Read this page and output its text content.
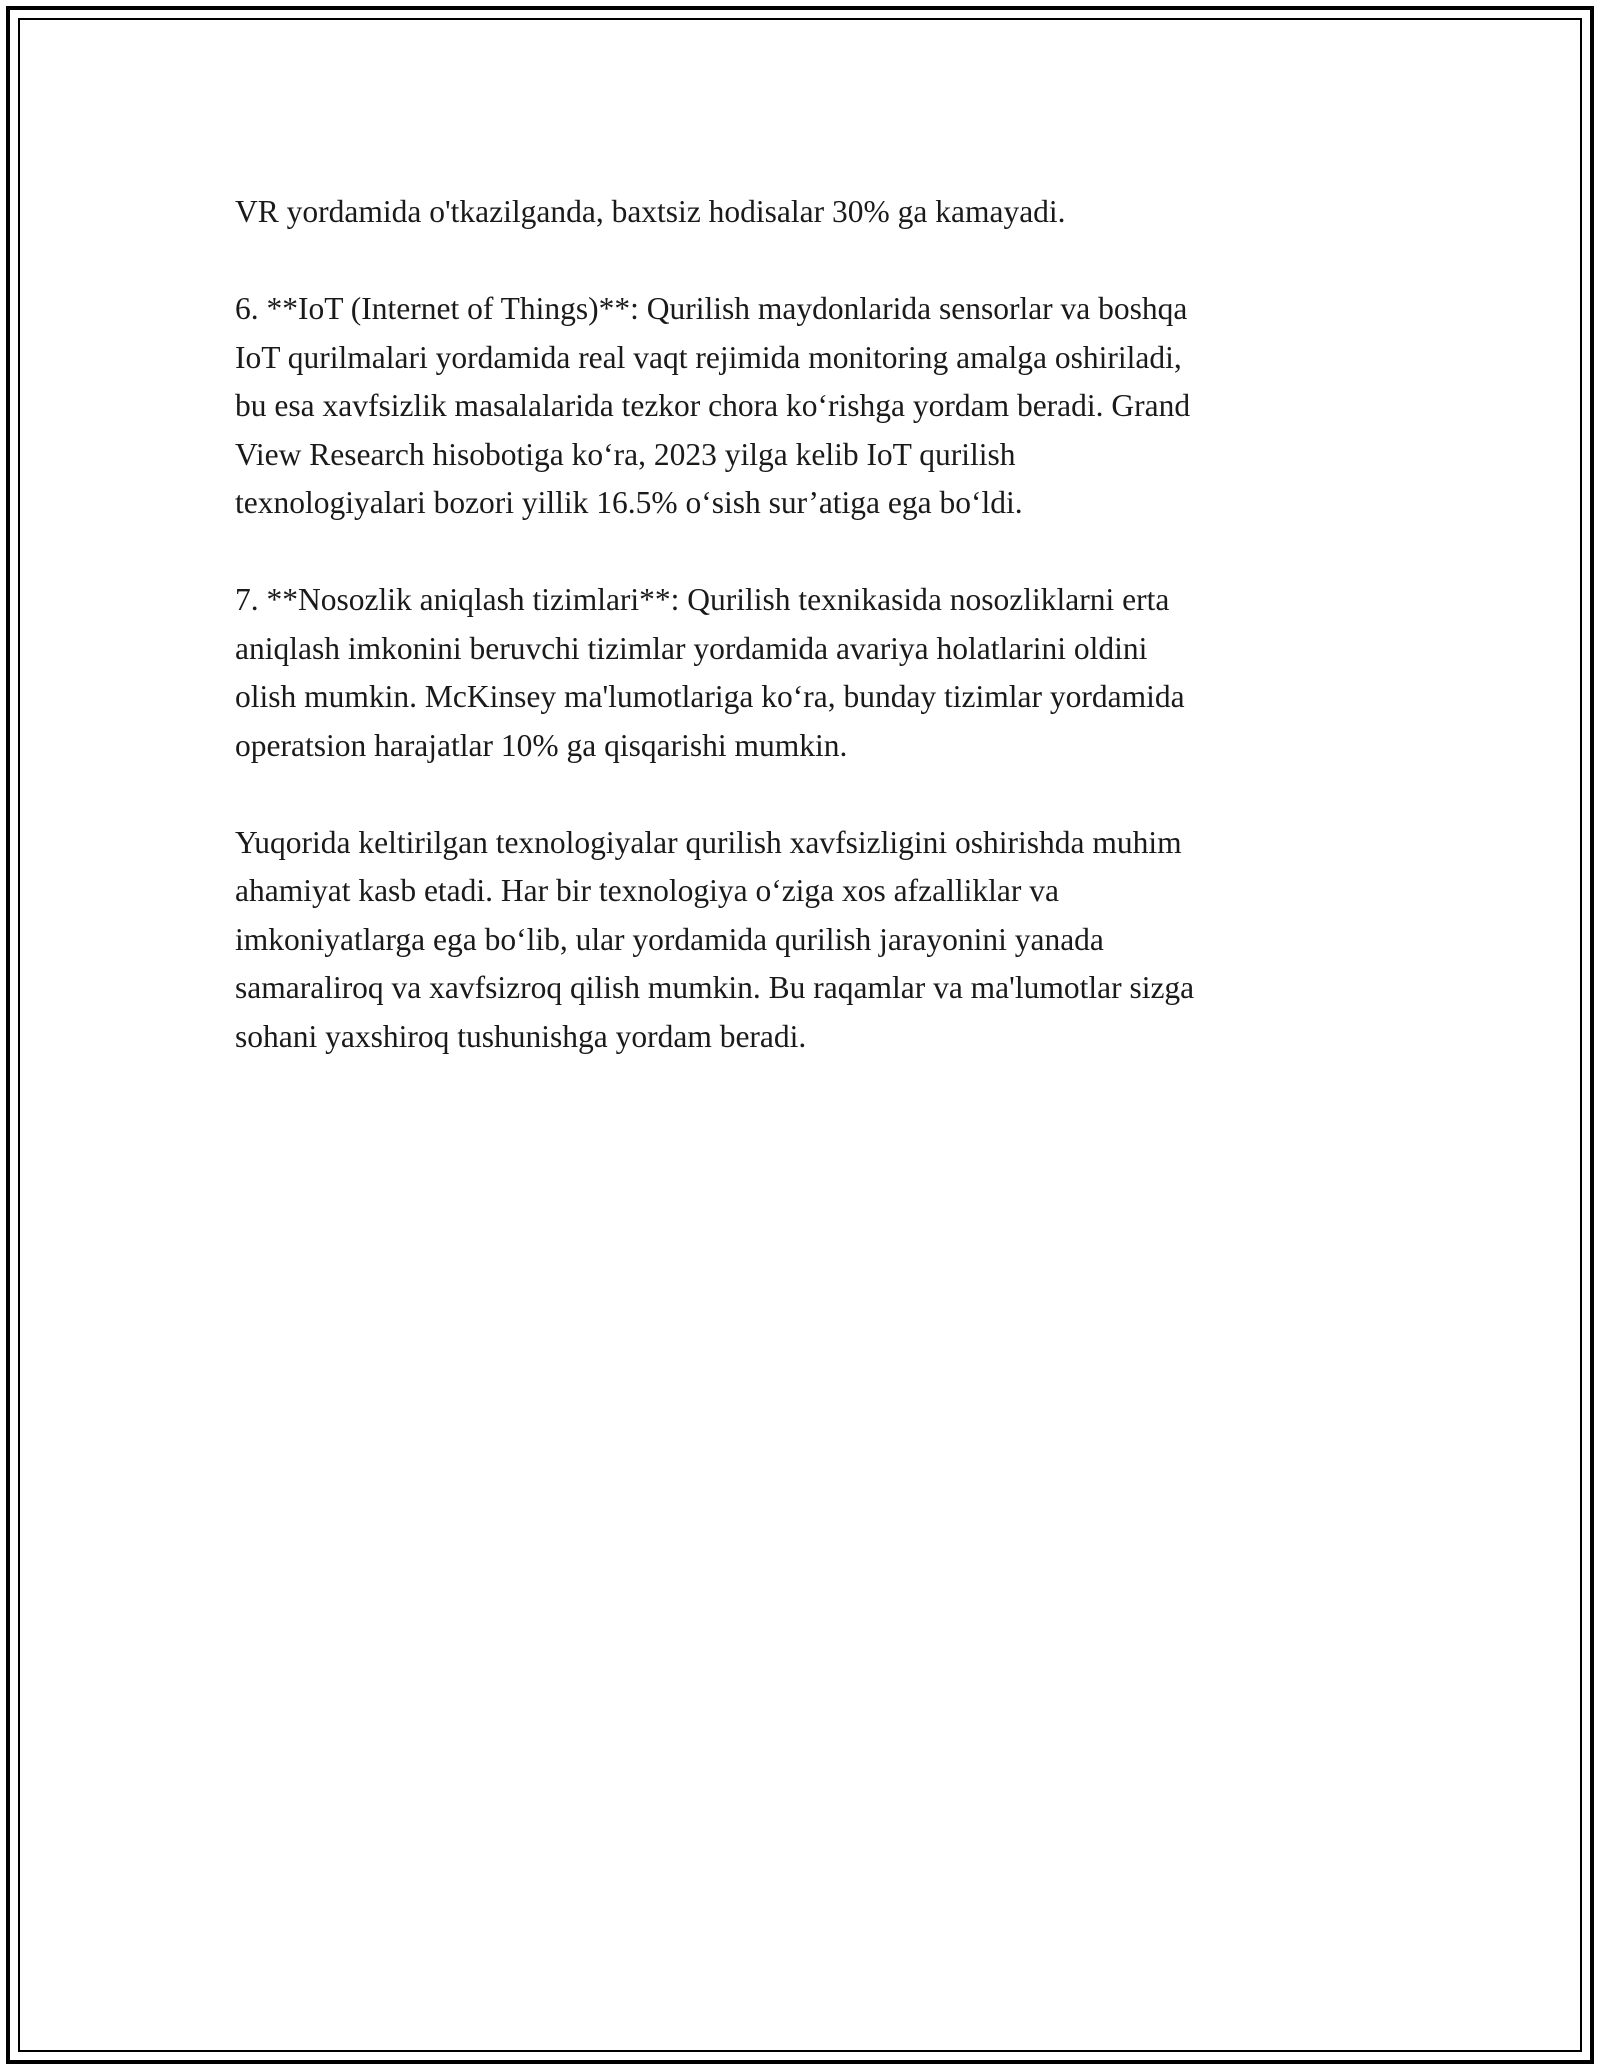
VR yordamida o'tkazilganda, baxtsiz hodisalar 30% ga kamayadi.

6. **IoT (Internet of Things)**: Qurilish maydonlarida sensorlar va boshqa
IoT qurilmalari yordamida real vaqt rejimida monitoring amalga oshiriladi,
bu esa xavfsizlik masalalarida tezkor chora ko‘rishga yordam beradi. Grand
View Research hisobotiga ko‘ra, 2023 yilga kelib IoT qurilish
texnologiyalari bozori yillik 16.5% o‘sish sur’atiga ega bo‘ldi.

7. **Nosozlik aniqlash tizimlari**: Qurilish texnikasida nosozliklarni erta
aniqlash imkonini beruvchi tizimlar yordamida avariya holatlarini oldini
olish mumkin. McKinsey ma'lumotlariga ko‘ra, bunday tizimlar yordamida
operatsion harajatlar 10% ga qisqarishi mumkin.

Yuqorida keltirilgan texnologiyalar qurilish xavfsizligini oshirishda muhim
ahamiyat kasb etadi. Har bir texnologiya o‘ziga xos afzalliklar va
imkoniyatlarga ega bo‘lib, ular yordamida qurilish jarayonini yanada
samaraliroq va xavfsizroq qilish mumkin. Bu raqamlar va ma'lumotlar sizga
sohani yaxshiroq tushunishga yordam beradi.
